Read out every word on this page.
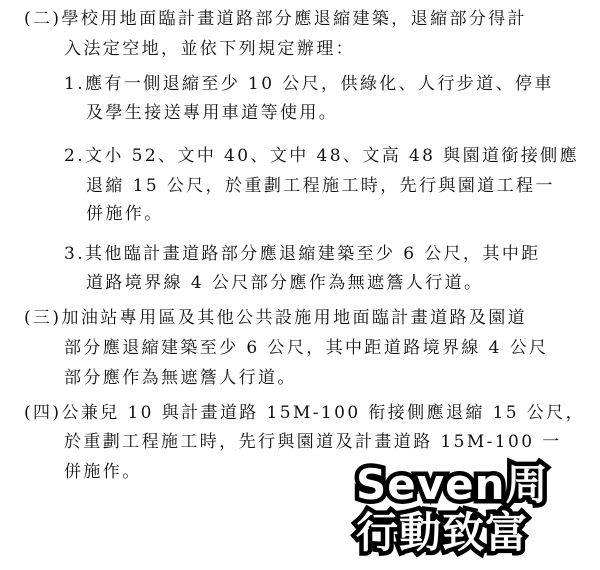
(二)學校用地面臨計畫道路部分應退縮建築，退縮部分得計
入法定空地，並依下列規定辦理：
1.應有一側退縮至少 10 公尺，供綠化、人行步道、停車
及學生接送專用車道等使用。
2.文小 52、文中 40、文中 48、文高 48 與園道銜接側應
退縮 15 公尺，於重劃工程施工時，先行與園道工程一
併施作。
3.其他臨計畫道路部分應退縮建築至少 6 公尺，其中距
道路境界線 4 公尺部分應作為無遮簷人行道。
(三)加油站專用區及其他公共設施用地面臨計畫道路及園道
部分應退縮建築至少 6 公尺，其中距道路境界線 4 公尺
部分應作為無遮簷人行道。
(四)公兼兒 10 與計畫道路 15M-100 衔接側應退縮 15 公尺，
於重劃工程施工時，先行與園道及計畫道路 15M-100 一
併施作。	Seven周
行動致富
